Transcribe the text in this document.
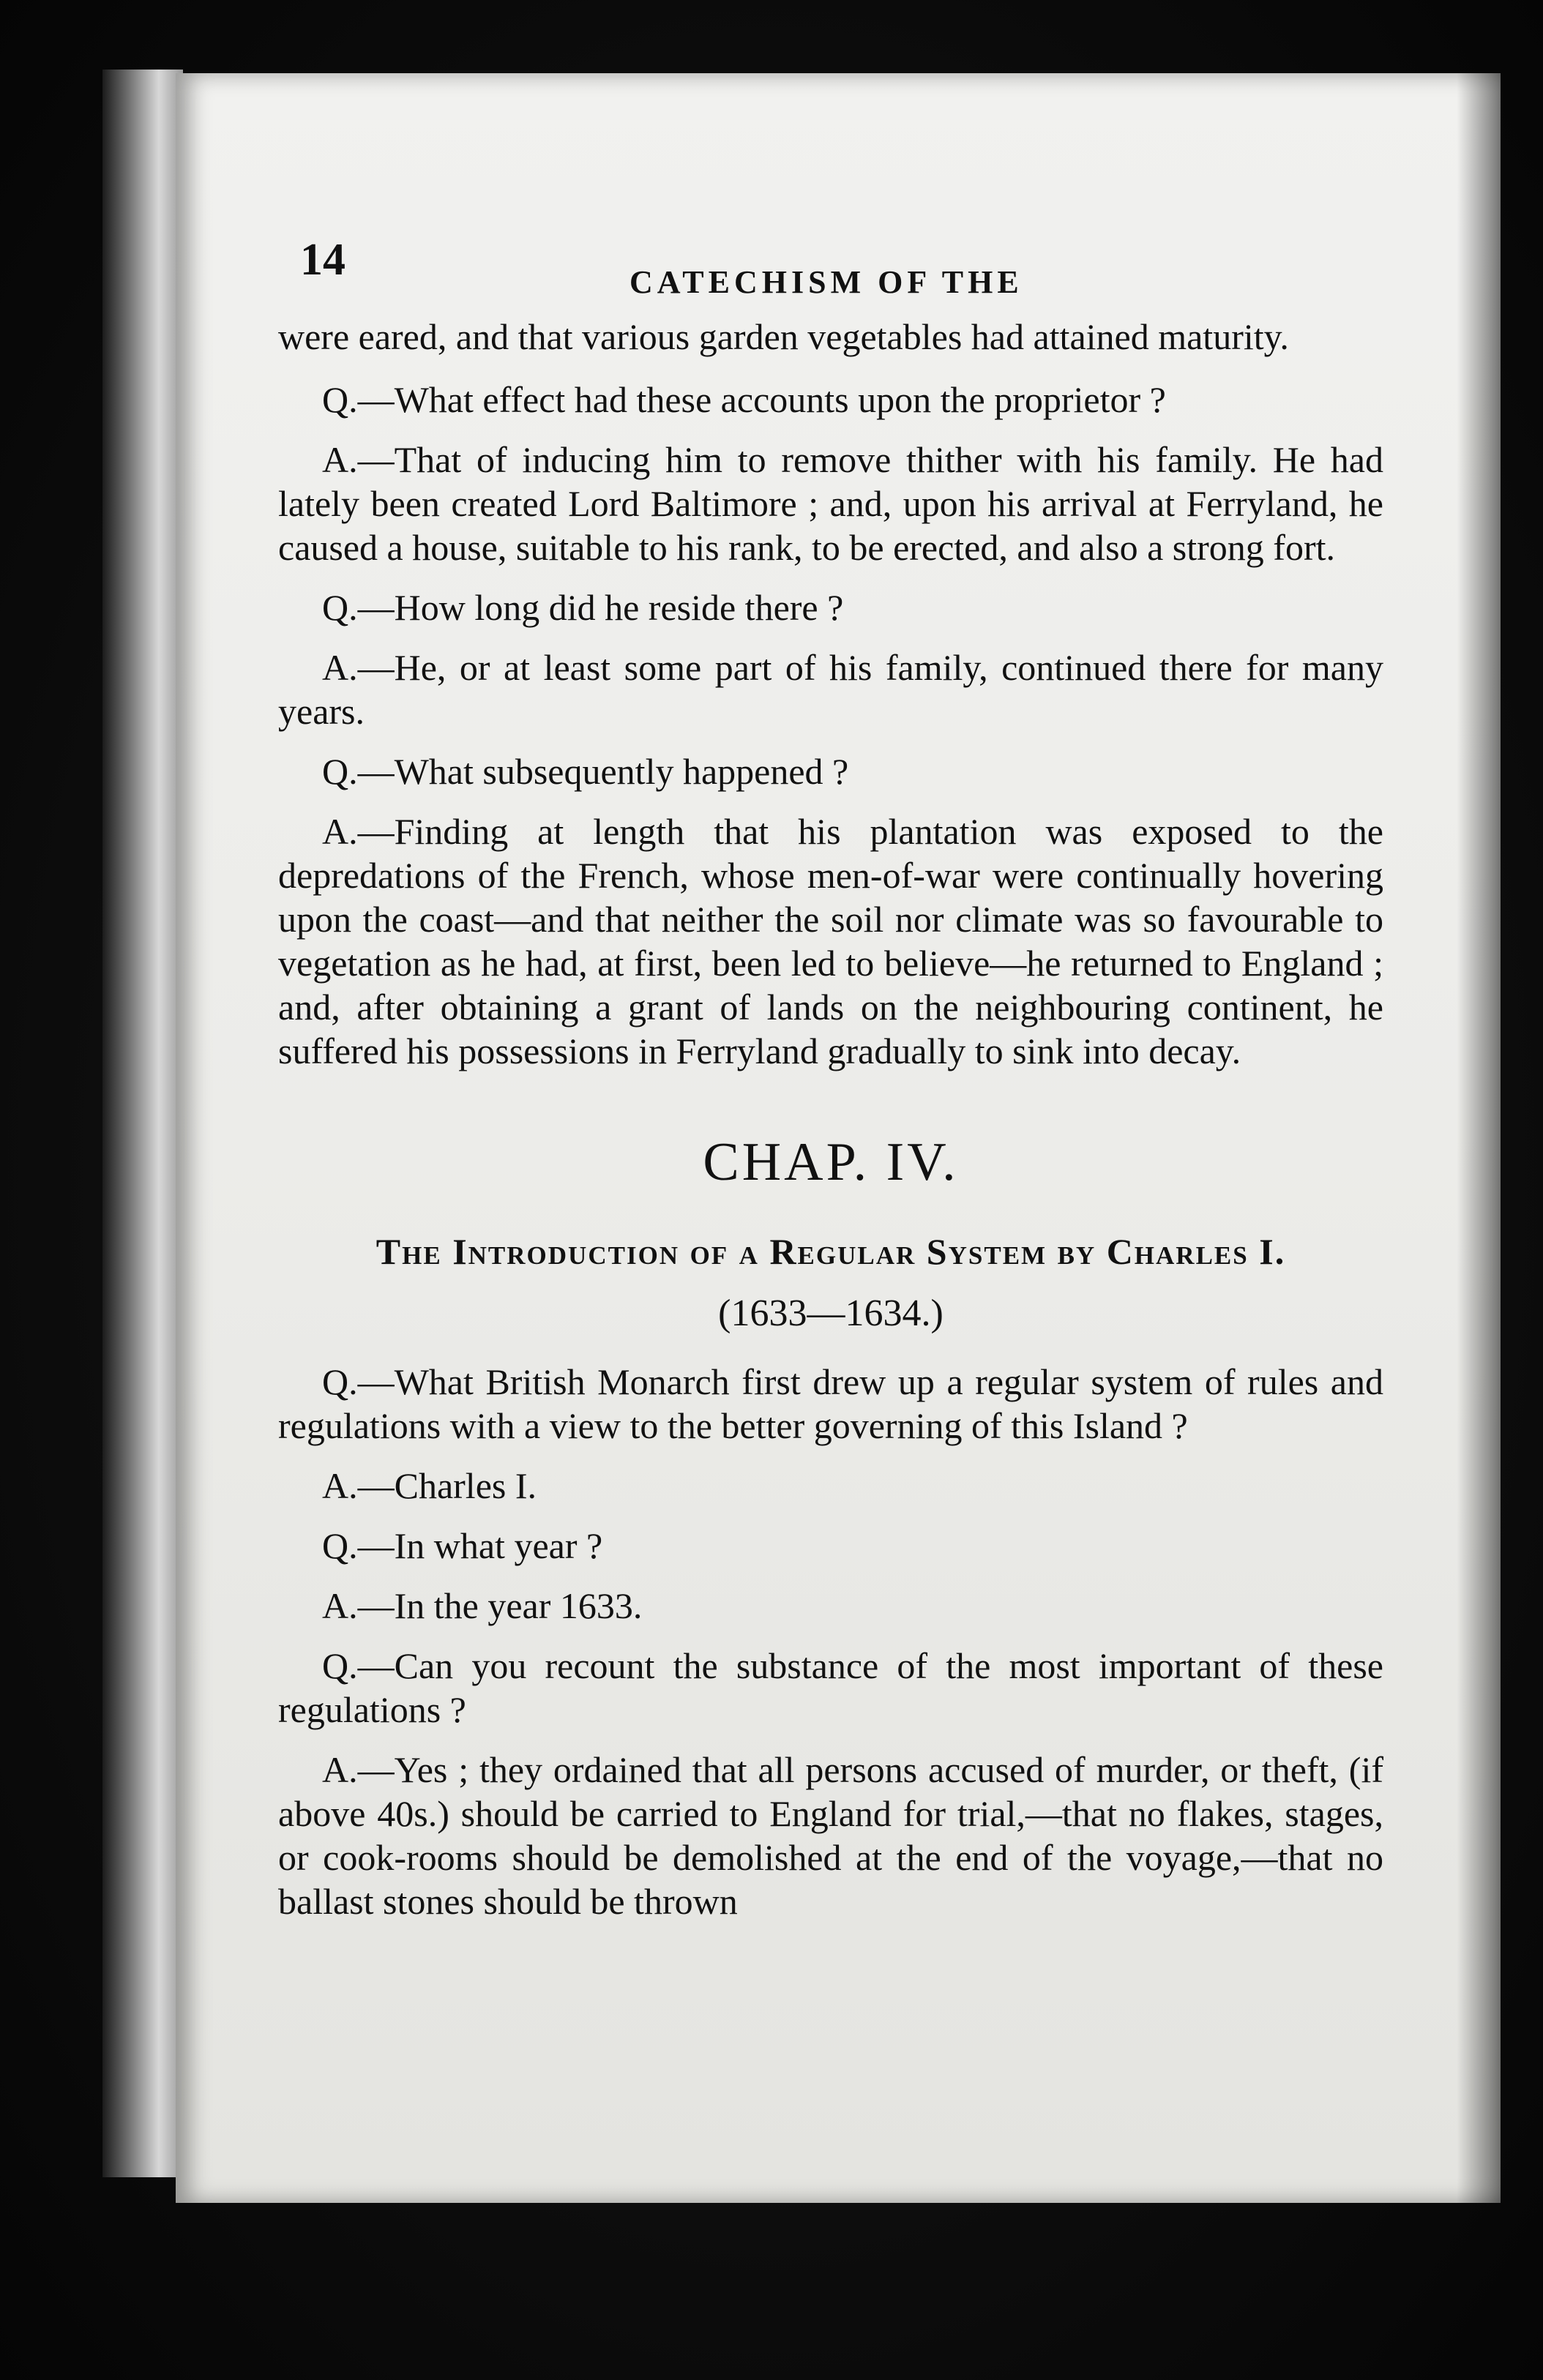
14	CATECHISM OF THE

were eared, and that various garden vegetables had attained maturity.

Q.—What effect had these accounts upon the proprietor ?

A.—That of inducing him to remove thither with his family. He had lately been created Lord Baltimore ; and, upon his arrival at Ferryland, he caused a house, suitable to his rank, to be erected, and also a strong fort.

Q.—How long did he reside there ?

A.—He, or at least some part of his family, continued there for many years.

Q.—What subsequently happened ?

A.—Finding at length that his plantation was exposed to the depredations of the French, whose men-of-war were continually hovering upon the coast—and that neither the soil nor climate was so favourable to vegetation as he had, at first, been led to believe—he returned to England ; and, after obtaining a grant of lands on the neighbouring continent, he suffered his possessions in Ferryland gradually to sink into decay.

CHAP. IV.
The Introduction of a Regular System by Charles I.
(1633—1634.)

Q.—What British Monarch first drew up a regular system of rules and regulations with a view to the better governing of this Island ?

A.—Charles I.

Q.—In what year ?

A.—In the year 1633.

Q.—Can you recount the substance of the most important of these regulations ?

A.—Yes ; they ordained that all persons accused of murder, or theft, (if above 40s.) should be carried to England for trial,—that no flakes, stages, or cook-rooms should be demolished at the end of the voyage,—that no ballast stones should be thrown
